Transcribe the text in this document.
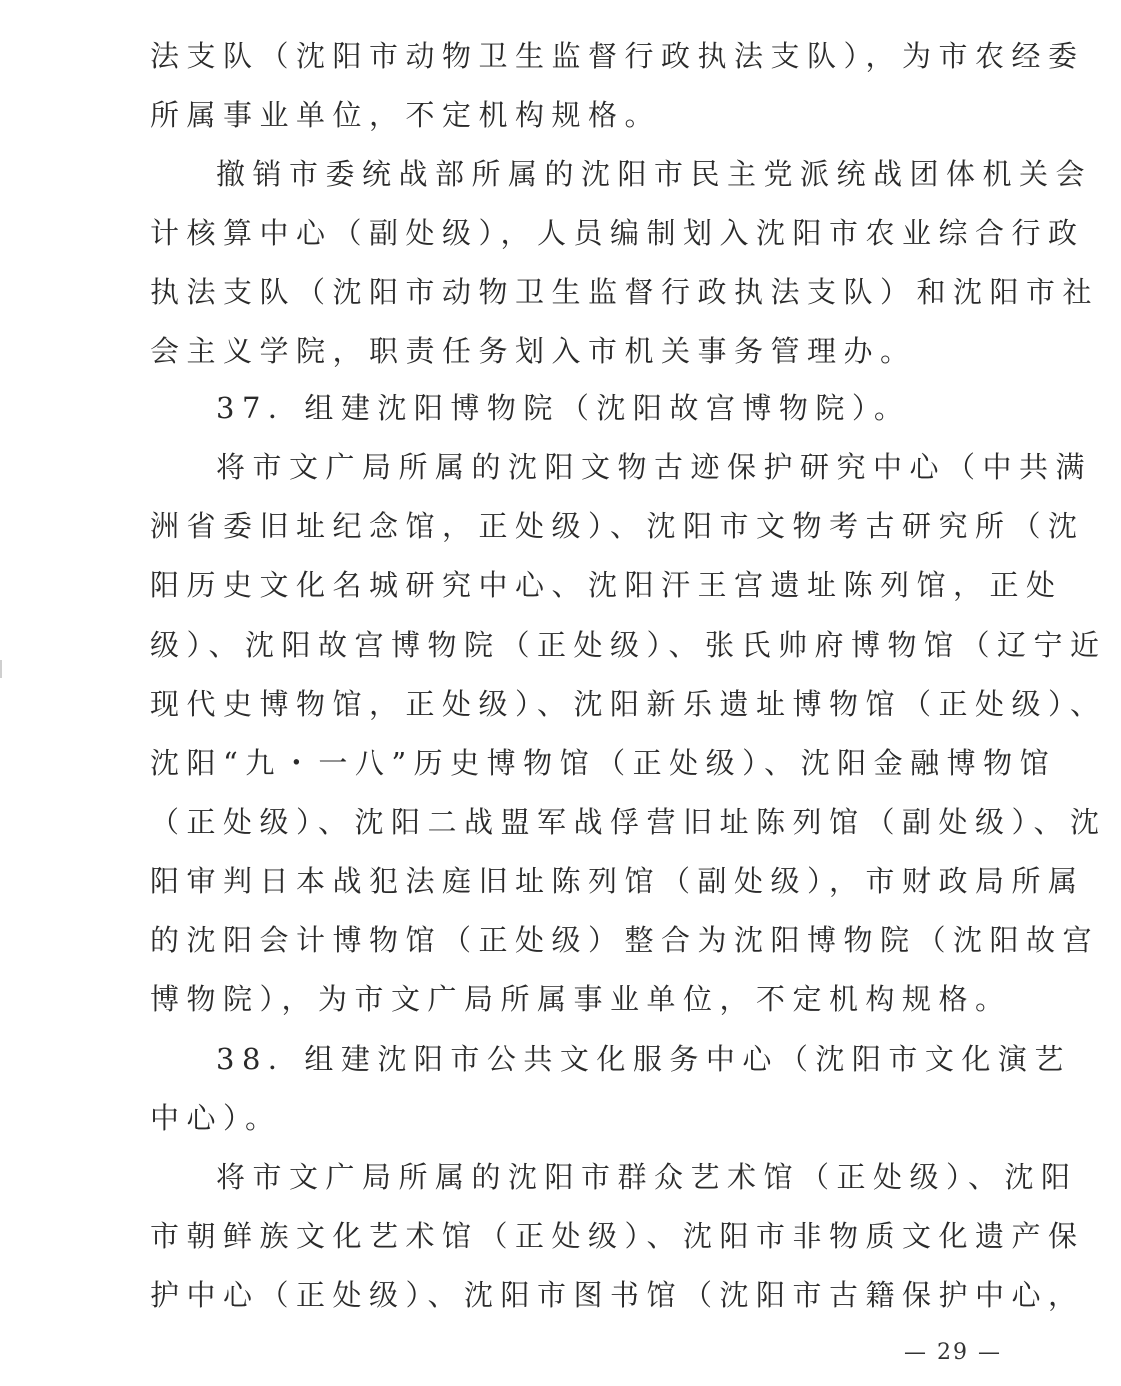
法支队（沈阳市动物卫生监督行政执法支队），为市农经委
所属事业单位，不定机构规格。
撤销市委统战部所属的沈阳市民主党派统战团体机关会
计核算中心（副处级），人员编制划入沈阳市农业综合行政
执法支队（沈阳市动物卫生监督行政执法支队）和沈阳市社
会主义学院，职责任务划入市机关事务管理办。
37．组建沈阳博物院（沈阳故宫博物院）。
将市文广局所属的沈阳文物古迹保护研究中心（中共满
洲省委旧址纪念馆，正处级）、沈阳市文物考古研究所（沈
阳历史文化名城研究中心、沈阳汗王宫遗址陈列馆，正处
级）、沈阳故宫博物院（正处级）、张氏帅府博物馆（辽宁近
现代史博物馆，正处级）、沈阳新乐遗址博物馆（正处级）、
沈阳“九・一八”历史博物馆（正处级）、沈阳金融博物馆
（正处级）、沈阳二战盟军战俘营旧址陈列馆（副处级）、沈
阳审判日本战犯法庭旧址陈列馆（副处级），市财政局所属
的沈阳会计博物馆（正处级）整合为沈阳博物院（沈阳故宫
博物院），为市文广局所属事业单位，不定机构规格。
38．组建沈阳市公共文化服务中心（沈阳市文化演艺
中心）。
将市文广局所属的沈阳市群众艺术馆（正处级）、沈阳
市朝鲜族文化艺术馆（正处级）、沈阳市非物质文化遗产保
护中心（正处级）、沈阳市图书馆（沈阳市古籍保护中心，
— 29 —
